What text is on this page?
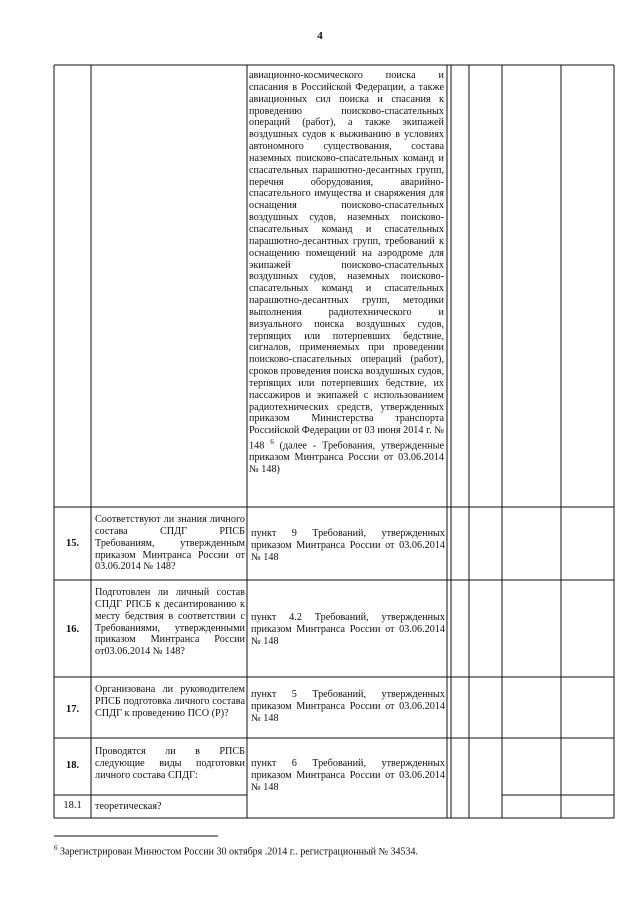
4
авиационно-космического поиска и спасания в Российской Федерации, а также авиационных сил поиска и спасания к проведению поисково-спасательных операций (работ), а также экипажей воздушных судов к выживанию в условиях автономного существования, состава наземных поисково-спасательных команд и спасательных парашютно-десантных групп, перечня оборудования, аварийно-спасательного имущества и снаряжения для оснащения поисково-спасательных воздушных судов, наземных поисково-спасательных команд и спасательных парашютно-десантных групп, требований к оснащению помещений на аэродроме для экипажей поисково-спасательных воздушных судов, наземных поисково-спасательных команд и спасательных парашютно-десантных групп, методики выполнения радиотехнического и визуального поиска воздушных судов, терпящих или потерпевших бедствие, сигналов, применяемых при проведении поисково-спасательных операций (работ), сроков проведения поиска воздушных судов, терпящих или потерпевших бедствие, их пассажиров и экипажей с использованием радиотехнических средств, утвержденных приказом Министерства транспорта Российской Федерации от 03 июня 2014 г. № 148 $^6$ (далее - Требования, утвержденные приказом Минтранса России от 03.06.2014 № 148)
15.
Соответствуют ли знания личного состава СПДГ РПСБ Требованиям, утвержденным приказом Минтранса России от 03.06.2014 № 148?
пункт 9 Требований, утвержденных приказом Минтранса России от 03.06.2014 № 148
16.
Подготовлен ли личный состав СПДГ РПСБ к десантированию к месту бедствия в соответствии с Требованиями, утвержденными приказом Минтранса России от03.06.2014 № 148?
пункт 4.2 Требований, утвержденных приказом Минтранса России от 03.06.2014 № 148
17.
Организована ли руководителем РПСБ подготовка личного состава СПДГ к проведению ПСО (Р)?
пункт 5 Требований, утвержденных приказом Минтранса России от 03.06.2014 № 148
18.
Проводятся ли в РПСБ следующие виды подготовки личного состава СПДГ:
пункт 6 Требований, утвержденных приказом Минтранса России от 03.06.2014 № 148
18.1	теоретическая?
$^6$ Зарегистрирован Минюстом России 30 октября .2014 г.. регистрационный № 34534.
